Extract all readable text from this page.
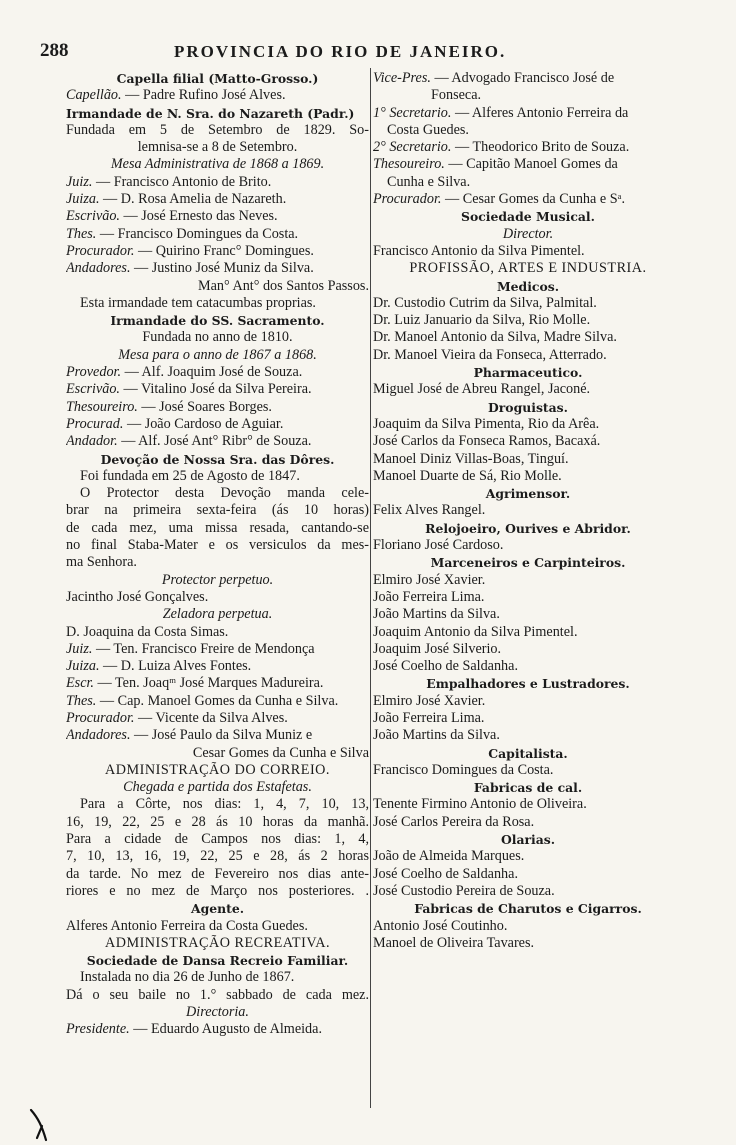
288	PROVINCIA DO RIO DE JANEIRO.
Capella filial (Matto-Grosso.)
Capellão. — Padre Rufino José Alves.
Irmandade de N. Sra. do Nazareth (Padr.)
Fundada em 5 de Setembro de 1829. So-
lemnisa-se a 8 de Setembro.
Mesa Administrativa de 1868 a 1869.
Juiz. — Francisco Antonio de Brito.
Juiza. — D. Rosa Amelia de Nazareth.
Escrivão. — José Ernesto das Neves.
Thes. — Francisco Domingues da Costa.
Procurador. — Quirino Franc° Domingues.
Andadores. — Justino José Muniz da Silva.
Man° Ant° dos Santos Passos.
Esta irmandade tem catacumbas proprias.
Irmandade do SS. Sacramento.
Fundada no anno de 1810.
Mesa para o anno de 1867 a 1868.
Provedor. — Alf. Joaquim José de Souza.
Escrivão. — Vitalino José da Silva Pereira.
Thesoureiro. — José Soares Borges.
Procurad. — João Cardoso de Aguiar.
Andador. — Alf. José Ant° Ribr° de Souza.
Devoção de Nossa Sra. das Dôres.
Foi fundada em 25 de Agosto de 1847.
O Protector desta Devoção manda cele-
brar na primeira sexta-feira (ás 10 horas)
de cada mez, uma missa resada, cantando-se
no final Staba-Mater e os versiculos da mes-
ma Senhora.
Protector perpetuo.
Jacintho José Gonçalves.
Zeladora perpetua.
D. Joaquina da Costa Simas.
Juiz. — Ten. Francisco Freire de Mendonça
Juiza. — D. Luiza Alves Fontes.
Escr. — Ten. Joaqᵐ José Marques Madureira.
Thes. — Cap. Manoel Gomes da Cunha e Silva.
Procurador. — Vicente da Silva Alves.
Andadores. — José Paulo da Silva Muniz e
Cesar Gomes da Cunha e Silva
ADMINISTRAÇÃO DO CORREIO.
Chegada e partida dos Estafetas.
Para a Côrte, nos dias: 1, 4, 7, 10, 13,
16, 19, 22, 25 e 28 ás 10 horas da manhã.
Para a cidade de Campos nos dias: 1, 4,
7, 10, 13, 16, 19, 22, 25 e 28, ás 2 horas
da tarde. No mez de Fevereiro nos dias ante-
riores e no mez de Março nos posteriores. .
Agente.
Alferes Antonio Ferreira da Costa Guedes.
ADMINISTRAÇÃO RECREATIVA.
Sociedade de Dansa Recreio Familiar.
Instalada no dia 26 de Junho de 1867.
Dá o seu baile no 1.° sabbado de cada mez.
Directoria.
Presidente. — Eduardo Augusto de Almeida.
Vice-Pres. — Advogado Francisco José de
Fonseca.
1° Secretario. — Alferes Antonio Ferreira da
Costa Guedes.
2° Secretario. — Theodorico Brito de Souza.
Thesoureiro. — Capitão Manoel Gomes da
Cunha e Silva.
Procurador. — Cesar Gomes da Cunha e Sᵃ.
Sociedade Musical.
Director.
Francisco Antonio da Silva Pimentel.
PROFISSÃO, ARTES E INDUSTRIA.
Medicos.
Dr. Custodio Cutrim da Silva, Palmital.
Dr. Luiz Januario da Silva, Rio Molle.
Dr. Manoel Antonio da Silva, Madre Silva.
Dr. Manoel Vieira da Fonseca, Atterrado.
Pharmaceutico.
Miguel José de Abreu Rangel, Jaconé.
Droguistas.
Joaquim da Silva Pimenta, Rio da Arêa.
José Carlos da Fonseca Ramos, Bacaxá.
Manoel Diniz Villas-Boas, Tinguí.
Manoel Duarte de Sá, Rio Molle.
Agrimensor.
Felix Alves Rangel.
Relojoeiro, Ourives e Abridor.
Floriano José Cardoso.
Marceneiros e Carpinteiros.
Elmiro José Xavier.
João Ferreira Lima.
João Martins da Silva.
Joaquim Antonio da Silva Pimentel.
Joaquim José Silverio.
José Coelho de Saldanha.
Empalhadores e Lustradores.
Elmiro José Xavier.
João Ferreira Lima.
João Martins da Silva.
Capitalista.
Francisco Domingues da Costa.
Fabricas de cal.
Tenente Firmino Antonio de Oliveira.
José Carlos Pereira da Rosa.
Olarias.
João de Almeida Marques.
José Coelho de Saldanha.
José Custodio Pereira de Souza.
Fabricas de Charutos e Cigarros.
Antonio José Coutinho.
Manoel de Oliveira Tavares.
